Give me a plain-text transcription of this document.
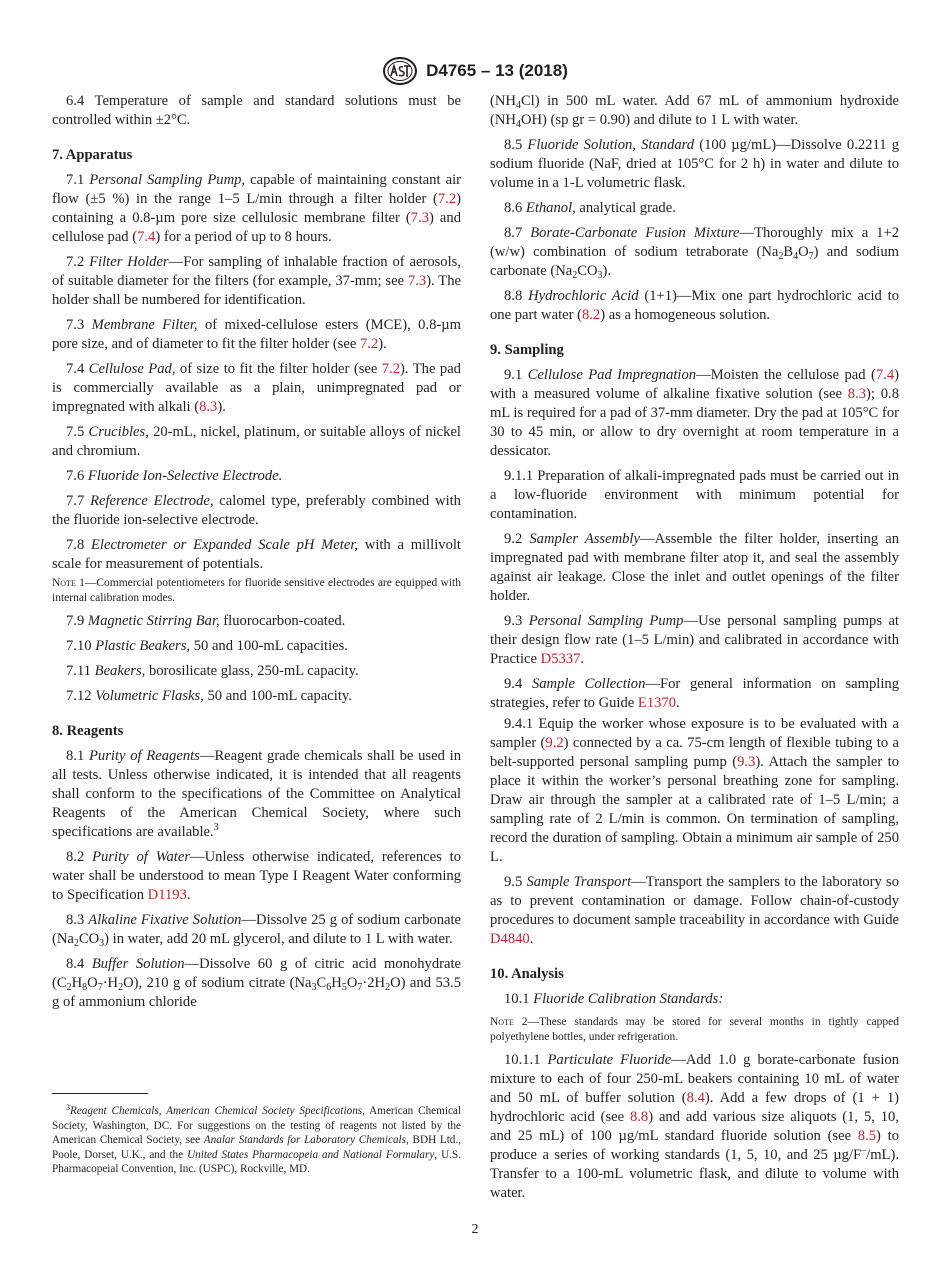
D4765 – 13 (2018)

6.4 Temperature of sample and standard solutions must be controlled within ±2°C.

7. Apparatus

7.1 Personal Sampling Pump, capable of maintaining constant air flow (±5 %) in the range 1–5 L/min through a filter holder (7.2) containing a 0.8-µm pore size cellulosic membrane filter (7.3) and cellulose pad (7.4) for a period of up to 8 hours.

7.2 Filter Holder—For sampling of inhalable fraction of aerosols, of suitable diameter for the filters (for example, 37-mm; see 7.3). The holder shall be numbered for identification.

7.3 Membrane Filter, of mixed-cellulose esters (MCE), 0.8-µm pore size, and of diameter to fit the filter holder (see 7.2).

7.4 Cellulose Pad, of size to fit the filter holder (see 7.2). The pad is commercially available as a plain, unimpregnated pad or impregnated with alkali (8.3).

7.5 Crucibles, 20-mL, nickel, platinum, or suitable alloys of nickel and chromium.

7.6 Fluoride Ion-Selective Electrode.

7.7 Reference Electrode, calomel type, preferably combined with the fluoride ion-selective electrode.

7.8 Electrometer or Expanded Scale pH Meter, with a millivolt scale for measurement of potentials.

Note 1—Commercial potentiometers for fluoride sensitive electrodes are equipped with internal calibration modes.

7.9 Magnetic Stirring Bar, fluorocarbon-coated.

7.10 Plastic Beakers, 50 and 100-mL capacities.

7.11 Beakers, borosilicate glass, 250-mL capacity.

7.12 Volumetric Flasks, 50 and 100-mL capacity.

8. Reagents

8.1 Purity of Reagents—Reagent grade chemicals shall be used in all tests. Unless otherwise indicated, it is intended that all reagents shall conform to the specifications of the Committee on Analytical Reagents of the American Chemical Society, where such specifications are available.$^3$

8.2 Purity of Water—Unless otherwise indicated, references to water shall be understood to mean Type I Reagent Water conforming to Specification D1193.

8.3 Alkaline Fixative Solution—Dissolve 25 g of sodium carbonate $(Na_2CO_3)$ in water, add 20 mL glycerol, and dilute to 1 L with water.

8.4 Buffer Solution—Dissolve 60 g of citric acid monohydrate $(C_2H_8O_7\cdot H_2O)$, 210 g of sodium citrate $(Na_3C_6H_5O_7\cdot 2H_2O)$ and 53.5 g of ammonium chloride

$^3$Reagent Chemicals, American Chemical Society Specifications, American Chemical Society, Washington, DC. For suggestions on the testing of reagents not listed by the American Chemical Society, see Analar Standards for Laboratory Chemicals, BDH Ltd., Poole, Dorset, U.K., and the United States Pharmacopeia and National Formulary, U.S. Pharmacopeial Convention, Inc. (USPC), Rockville, MD.

$(NH_4Cl)$ in 500 mL water. Add 67 mL of ammonium hydroxide $(NH_4OH)$ (sp gr = 0.90) and dilute to 1 L with water.

8.5 Fluoride Solution, Standard (100 µg/mL)—Dissolve 0.2211 g sodium fluoride (NaF, dried at 105°C for 2 h) in water and dilute to volume in a 1-L volumetric flask.

8.6 Ethanol, analytical grade.

8.7 Borate-Carbonate Fusion Mixture—Thoroughly mix a 1+2 (w/w) combination of sodium tetraborate $(Na_2B_4O_7)$ and sodium carbonate $(Na_2CO_3)$.

8.8 Hydrochloric Acid (1+1)—Mix one part hydrochloric acid to one part water (8.2) as a homogeneous solution.

9. Sampling

9.1 Cellulose Pad Impregnation—Moisten the cellulose pad (7.4) with a measured volume of alkaline fixative solution (see 8.3); 0.8 mL is required for a pad of 37-mm diameter. Dry the pad at 105°C for 30 to 45 min, or allow to dry overnight at room temperature in a dessicator.

9.1.1 Preparation of alkali-impregnated pads must be carried out in a low-fluoride environment with minimum potential for contamination.

9.2 Sampler Assembly—Assemble the filter holder, inserting an impregnated pad with membrane filter atop it, and seal the assembly against air leakage. Close the inlet and outlet openings of the filter holder.

9.3 Personal Sampling Pump—Use personal sampling pumps at their design flow rate (1–5 L/min) and calibrated in accordance with Practice D5337.

9.4 Sample Collection—For general information on sampling strategies, refer to Guide E1370.

9.4.1 Equip the worker whose exposure is to be evaluated with a sampler (9.2) connected by a ca. 75-cm length of flexible tubing to a belt-supported personal sampling pump (9.3). Attach the sampler to place it within the worker’s personal breathing zone for sampling. Draw air through the sampler at a calibrated rate of 1–5 L/min; a sampling rate of 2 L/min is common. On termination of sampling, record the duration of sampling. Obtain a minimum air sample of 250 L.

9.5 Sample Transport—Transport the samplers to the laboratory so as to prevent contamination or damage. Follow chain-of-custody procedures to document sample traceability in accordance with Guide D4840.

10. Analysis

10.1 Fluoride Calibration Standards:

Note 2—These standards may be stored for several months in tightly capped polyethylene bottles, under refrigeration.

10.1.1 Particulate Fluoride—Add 1.0 g borate-carbonate fusion mixture to each of four 250-mL beakers containing 10 mL of water and 50 mL of buffer solution (8.4). Add a few drops of (1 + 1) hydrochloric acid (see 8.8) and add various size aliquots (1, 5, 10, and 25 mL) of 100 µg/mL standard fluoride solution (see 8.5) to produce a series of working standards (1, 5, 10, and 25 µg/F–/mL). Transfer to a 100-mL volumetric flask, and dilute to volume with water.

2
